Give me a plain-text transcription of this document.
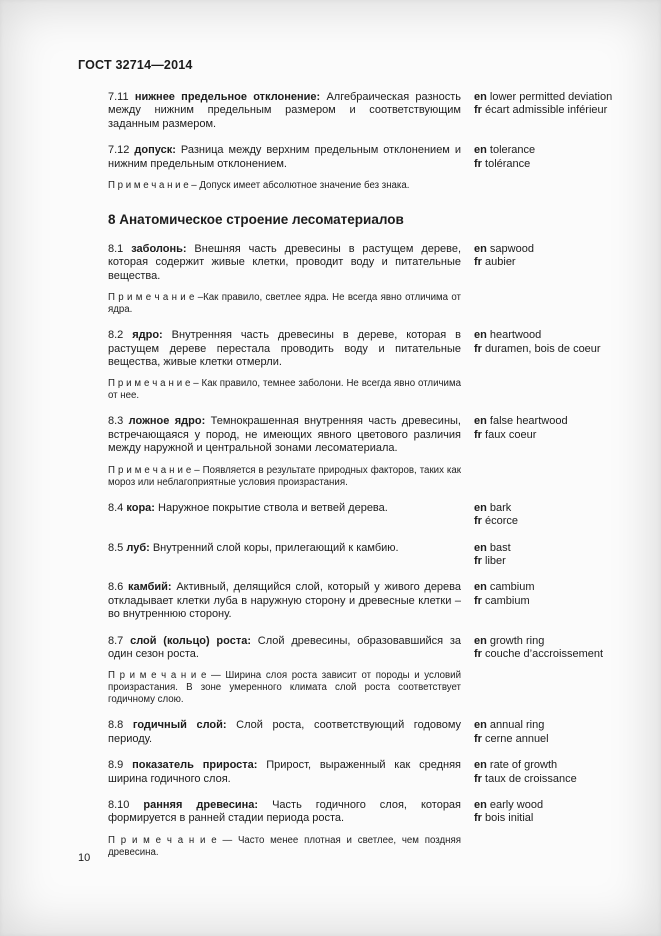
ГОСТ 32714—2014

7.11 нижнее предельное отклонение: Алгебраическая разность между нижним предельным размером и соответствующим заданным размером.

en lower permitted deviation
fr écart admissible inférieur

7.12 допуск: Разница между верхним предельным отклонением и нижним предельным отклонением.

П р и м е ч а н и е – Допуск имеет абсолютное значение без знака.

en tolerance
fr tolérance
8 Анатомическое строение лесоматериалов

8.1 заболонь: Внешняя часть древесины в растущем дереве, которая содержит живые клетки, проводит воду и питательные вещества.

П р и м е ч а н и е –Как правило, светлее ядра. Не всегда явно отличима от ядра.

en sapwood
fr aubier

8.2 ядро: Внутренняя часть древесины в дереве, которая в растущем дереве перестала проводить воду и питательные вещества, живые клетки отмерли.

П р и м е ч а н и е – Как правило, темнее заболони. Не всегда явно отличима от нее.

en heartwood
fr duramen, bois de coeur

8.3 ложное ядро: Темнокрашенная внутренняя часть древесины, встречающаяся у пород, не имеющих явного цветового различия между наружной и центральной зонами лесоматериала.

П р и м е ч а н и е – Появляется в результате природных факторов, таких как мороз или неблагоприятные условия произрастания.

en false heartwood
fr faux coeur

8.4 кора: Наружное покрытие ствола и ветвей дерева.	en bark
fr écorce

8.5 луб: Внутренний слой коры, прилегающий к камбию.	en bast
fr liber

8.6 камбий: Активный, делящийся слой, который у живого дерева откладывает клетки луба в наружную сторону и древесные клетки – во внутреннюю сторону.

en cambium
fr cambium

8.7 слой (кольцо) роста: Слой древесины, образовавшийся за один сезон роста.

П р и м е ч а н и е — Ширина слоя роста зависит от породы и условий произрастания. В зоне умеренного климата слой роста соответствует годичному слою.

en growth ring
fr couche d’accroissement

8.8 годичный слой: Слой роста, соответствующий годовому периоду.

en annual ring
fr cerne annuel

8.9 показатель прироста: Прирост, выраженный как средняя ширина годичного слоя.

en rate of growth
fr taux de croissance

8.10 ранняя древесина: Часть годичного слоя, которая формируется в ранней стадии периода роста.

П р и м е ч а н и е — Часто менее плотная и светлее, чем поздняя древесина.

en early wood
fr bois initial
10
